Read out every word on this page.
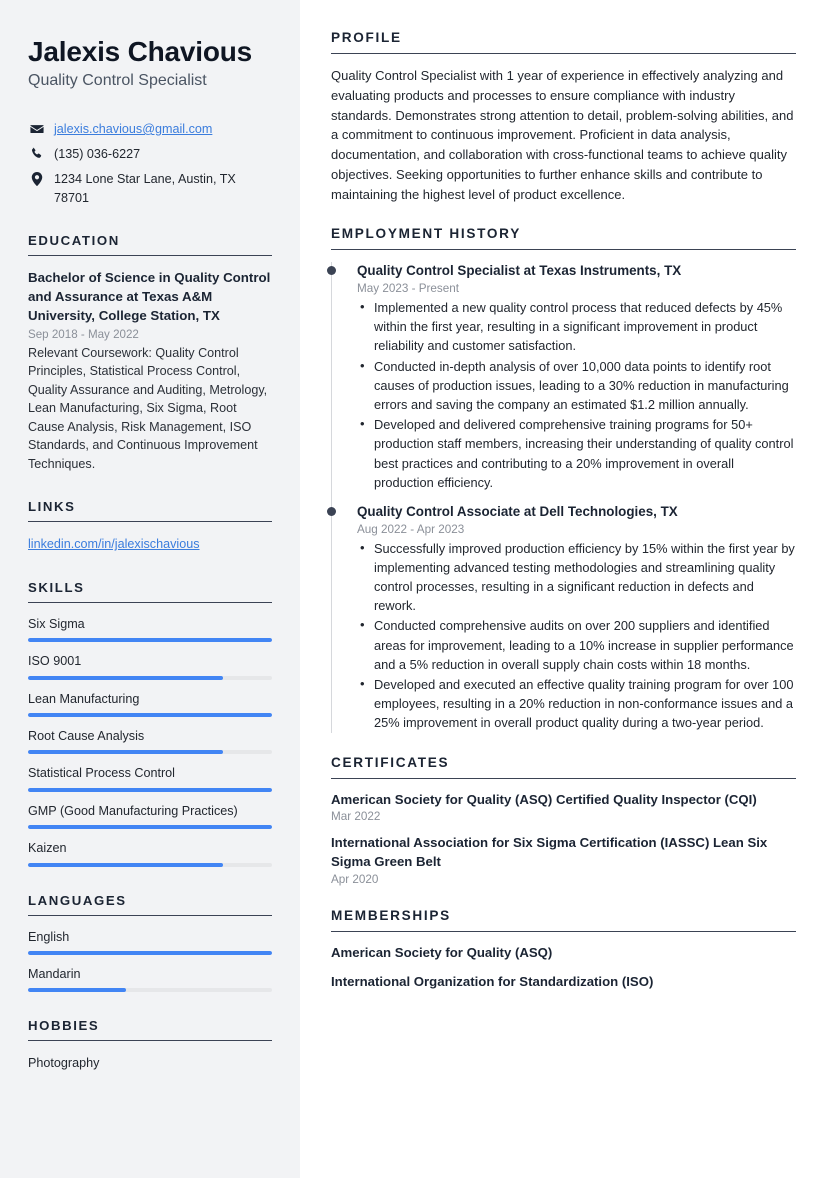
Jalexis Chavious
Quality Control Specialist
jalexis.chavious@gmail.com
(135) 036-6227
1234 Lone Star Lane, Austin, TX 78701
EDUCATION
Bachelor of Science in Quality Control and Assurance at Texas A&M University, College Station, TX
Sep 2018 - May 2022
Relevant Coursework: Quality Control Principles, Statistical Process Control, Quality Assurance and Auditing, Metrology, Lean Manufacturing, Six Sigma, Root Cause Analysis, Risk Management, ISO Standards, and Continuous Improvement Techniques.
LINKS
linkedin.com/in/jalexischavious
SKILLS
Six Sigma
ISO 9001
Lean Manufacturing
Root Cause Analysis
Statistical Process Control
GMP (Good Manufacturing Practices)
Kaizen
LANGUAGES
English
Mandarin
HOBBIES
Photography
PROFILE

Quality Control Specialist with 1 year of experience in effectively analyzing and evaluating products and processes to ensure compliance with industry standards. Demonstrates strong attention to detail, problem-solving abilities, and a commitment to continuous improvement. Proficient in data analysis, documentation, and collaboration with cross-functional teams to achieve quality objectives. Seeking opportunities to further enhance skills and contribute to maintaining the highest level of product excellence.

EMPLOYMENT HISTORY
Quality Control Specialist at Texas Instruments, TX
May 2023 - Present
• Implemented a new quality control process that reduced defects by 45% within the first year, resulting in a significant improvement in product reliability and customer satisfaction.
• Conducted in-depth analysis of over 10,000 data points to identify root causes of production issues, leading to a 30% reduction in manufacturing errors and saving the company an estimated $1.2 million annually.
• Developed and delivered comprehensive training programs for 50+ production staff members, increasing their understanding of quality control best practices and contributing to a 20% improvement in overall production efficiency.
Quality Control Associate at Dell Technologies, TX
Aug 2022 - Apr 2023
• Successfully improved production efficiency by 15% within the first year by implementing advanced testing methodologies and streamlining quality control processes, resulting in a significant reduction in defects and rework.
• Conducted comprehensive audits on over 200 suppliers and identified areas for improvement, leading to a 10% increase in supplier performance and a 5% reduction in overall supply chain costs within 18 months.
• Developed and executed an effective quality training program for over 100 employees, resulting in a 20% reduction in non-conformance issues and a 25% improvement in overall product quality during a two-year period.
CERTIFICATES
American Society for Quality (ASQ) Certified Quality Inspector (CQI)
Mar 2022
International Association for Six Sigma Certification (IASSC) Lean Six Sigma Green Belt
Apr 2020
MEMBERSHIPS
American Society for Quality (ASQ)
International Organization for Standardization (ISO)
